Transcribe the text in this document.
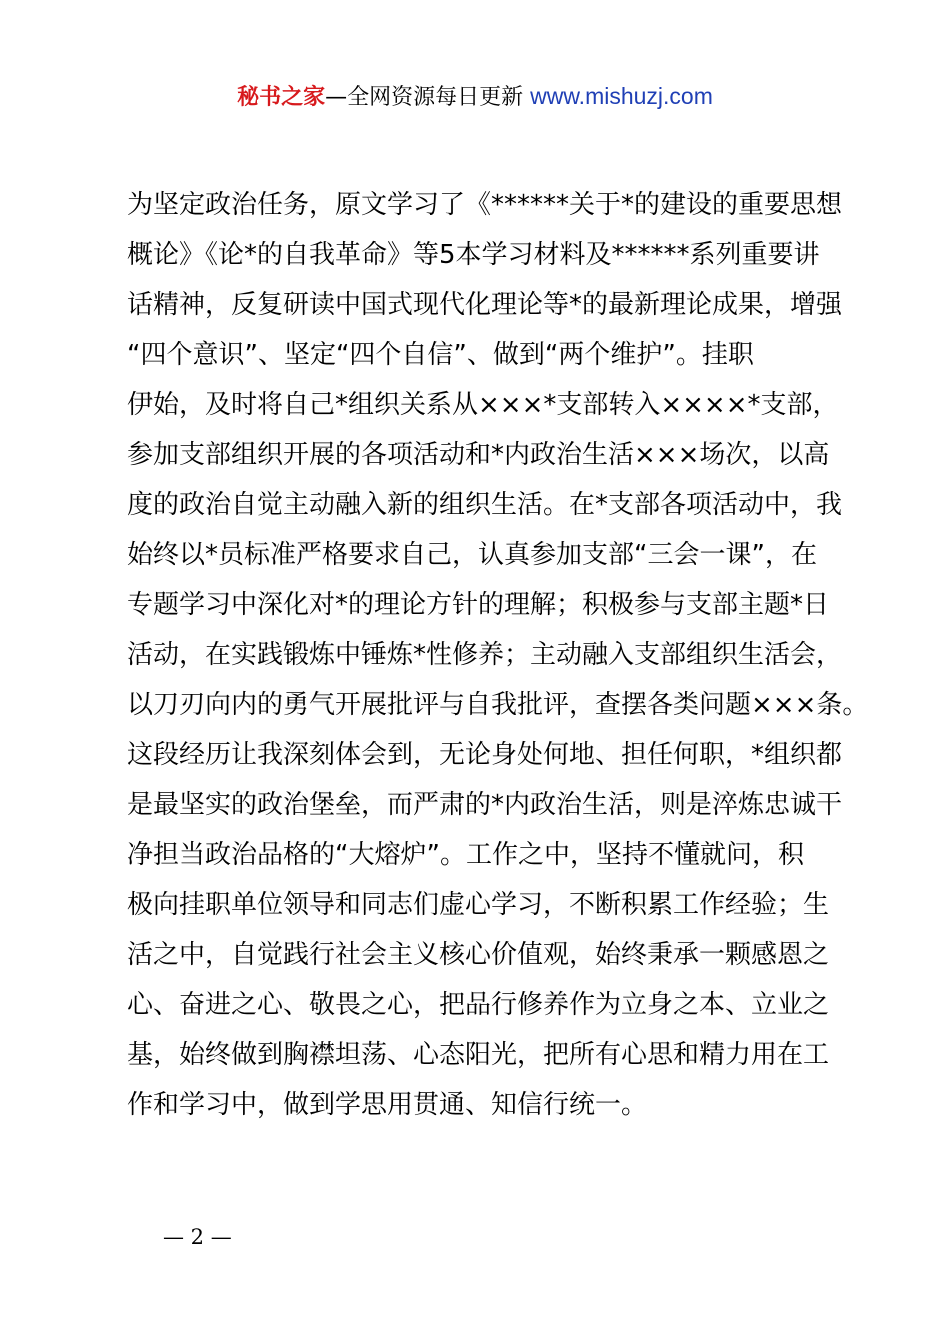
秘书之家—全网资源每日更新 www.mishuzj.com
为坚定政治任务，原文学习了《******关于*的建设的重要思想
概论》《论*的自我革命》等5本学习材料及******系列重要讲
话精神，反复研读中国式现代化理论等*的最新理论成果，增强
“四个意识”、坚定“四个自信”、做到“两个维护”。挂职
伊始，及时将自己*组织关系从×××*支部转入××××*支部，
参加支部组织开展的各项活动和*内政治生活×××场次，以高
度的政治自觉主动融入新的组织生活。在*支部各项活动中，我
始终以*员标准严格要求自己，认真参加支部“三会一课”，在
专题学习中深化对*的理论方针的理解；积极参与支部主题*日
活动，在实践锻炼中锤炼*性修养；主动融入支部组织生活会，
以刀刃向内的勇气开展批评与自我批评，查摆各类问题×××条。
这段经历让我深刻体会到，无论身处何地、担任何职，*组织都
是最坚实的政治堡垒，而严肃的*内政治生活，则是淬炼忠诚干
净担当政治品格的“大熔炉”。工作之中，坚持不懂就问，积
极向挂职单位领导和同志们虚心学习，不断积累工作经验；生
活之中，自觉践行社会主义核心价值观，始终秉承一颗感恩之
心、奋进之心、敬畏之心，把品行修养作为立身之本、立业之
基，始终做到胸襟坦荡、心态阳光，把所有心思和精力用在工
作和学习中，做到学思用贯通、知信行统一。
— 2 —
